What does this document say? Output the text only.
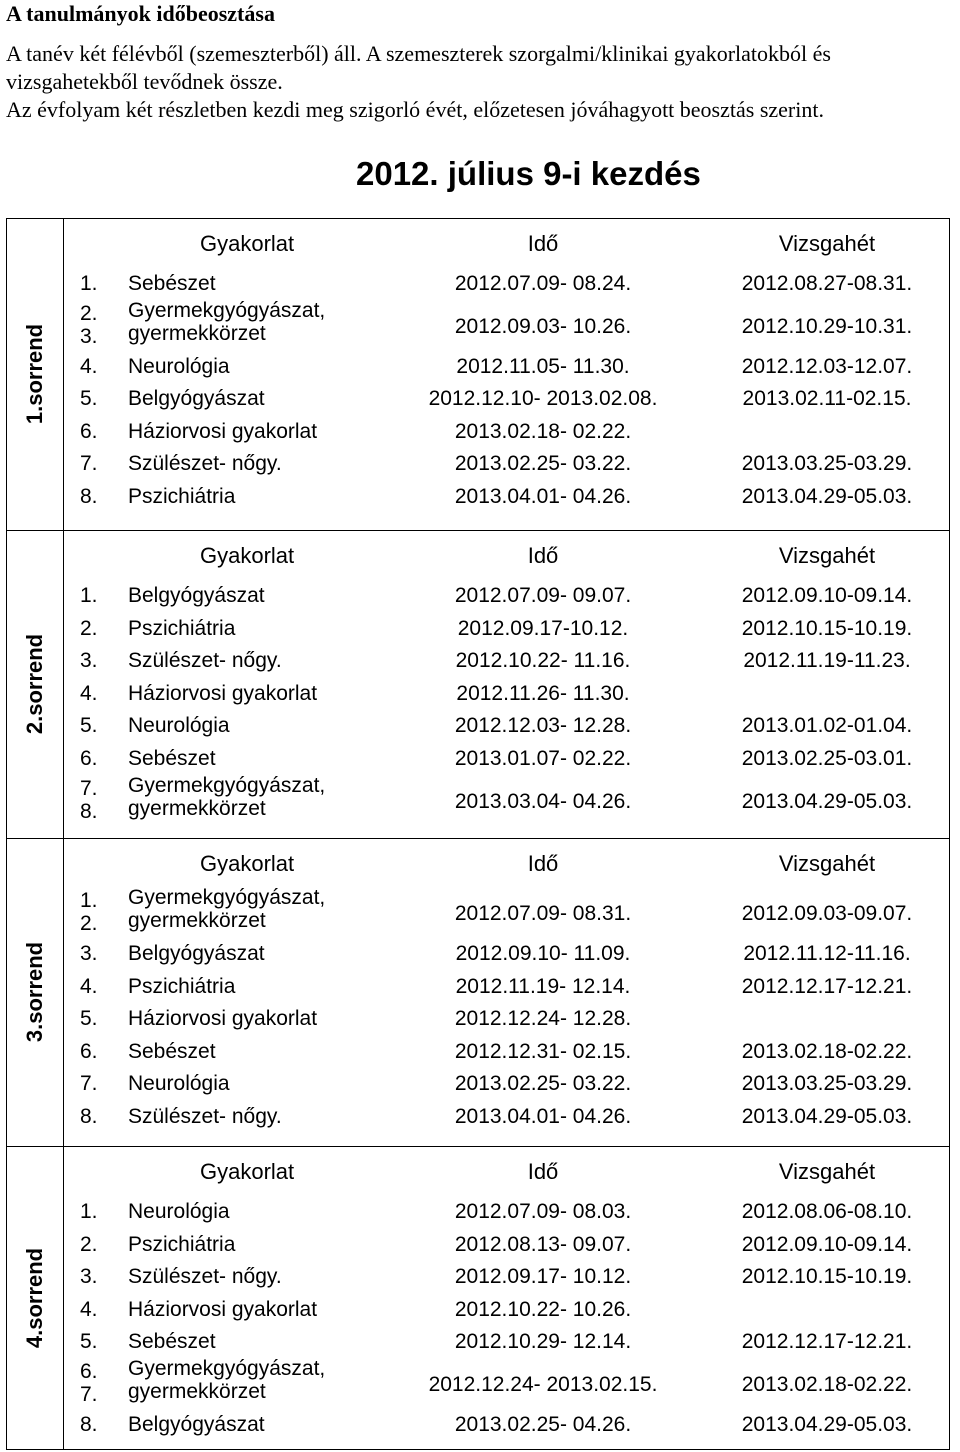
A tanulmányok időbeosztása
A tanév két félévből (szemeszterből) áll. A szemeszterek szorgalmi/klinikai gyakorlatokból és
vizsgahetekből tevődnek össze.
Az évfolyam két részletben kezdi meg szigorló évét, előzetesen jóváhagyott beosztás szerint.
2012. július 9-i kezdés
1.sorrend
Gyakorlat	Idő	Vizsgahét
1. Sebészet	2012.07.09- 08.24.	2012.08.27-08.31.
2.
3.
Gyermekgyógyászat,
gyermekkörzet	2012.09.03- 10.26.	2012.10.29-10.31.
4. Neurológia	2012.11.05- 11.30.	2012.12.03-12.07.
5. Belgyógyászat	2012.12.10- 2013.02.08.	2013.02.11-02.15.
6. Háziorvosi gyakorlat	2013.02.18- 02.22.
7. Szülészet- nőgy.	2013.02.25- 03.22.	2013.03.25-03.29.
8. Pszichiátria	2013.04.01- 04.26.	2013.04.29-05.03.
2.sorrend
Gyakorlat	Idő	Vizsgahét
1. Belgyógyászat	2012.07.09- 09.07.	2012.09.10-09.14.
2. Pszichiátria	2012.09.17-10.12.	2012.10.15-10.19.
3. Szülészet- nőgy.	2012.10.22- 11.16.	2012.11.19-11.23.
4. Háziorvosi gyakorlat	2012.11.26- 11.30.
5. Neurológia	2012.12.03- 12.28.	2013.01.02-01.04.
6. Sebészet	2013.01.07- 02.22.	2013.02.25-03.01.
7.
8.
Gyermekgyógyászat,
gyermekkörzet	2013.03.04- 04.26.	2013.04.29-05.03.
3.sorrend
Gyakorlat	Idő	Vizsgahét
1.
2.
Gyermekgyógyászat,
gyermekkörzet	2012.07.09- 08.31.	2012.09.03-09.07.
3. Belgyógyászat	2012.09.10- 11.09.	2012.11.12-11.16.
4. Pszichiátria	2012.11.19- 12.14.	2012.12.17-12.21.
5. Háziorvosi gyakorlat	2012.12.24- 12.28.
6. Sebészet	2012.12.31- 02.15.	2013.02.18-02.22.
7. Neurológia	2013.02.25- 03.22.	2013.03.25-03.29.
8. Szülészet- nőgy.	2013.04.01- 04.26.	2013.04.29-05.03.
4.sorrend
Gyakorlat	Idő	Vizsgahét
1. Neurológia	2012.07.09- 08.03.	2012.08.06-08.10.
2. Pszichiátria	2012.08.13- 09.07.	2012.09.10-09.14.
3. Szülészet- nőgy.	2012.09.17- 10.12.	2012.10.15-10.19.
4. Háziorvosi gyakorlat	2012.10.22- 10.26.
5. Sebészet	2012.10.29- 12.14.	2012.12.17-12.21.
6.
7.
Gyermekgyógyászat,
gyermekkörzet	2012.12.24- 2013.02.15.	2013.02.18-02.22.
8. Belgyógyászat	2013.02.25- 04.26.	2013.04.29-05.03.
